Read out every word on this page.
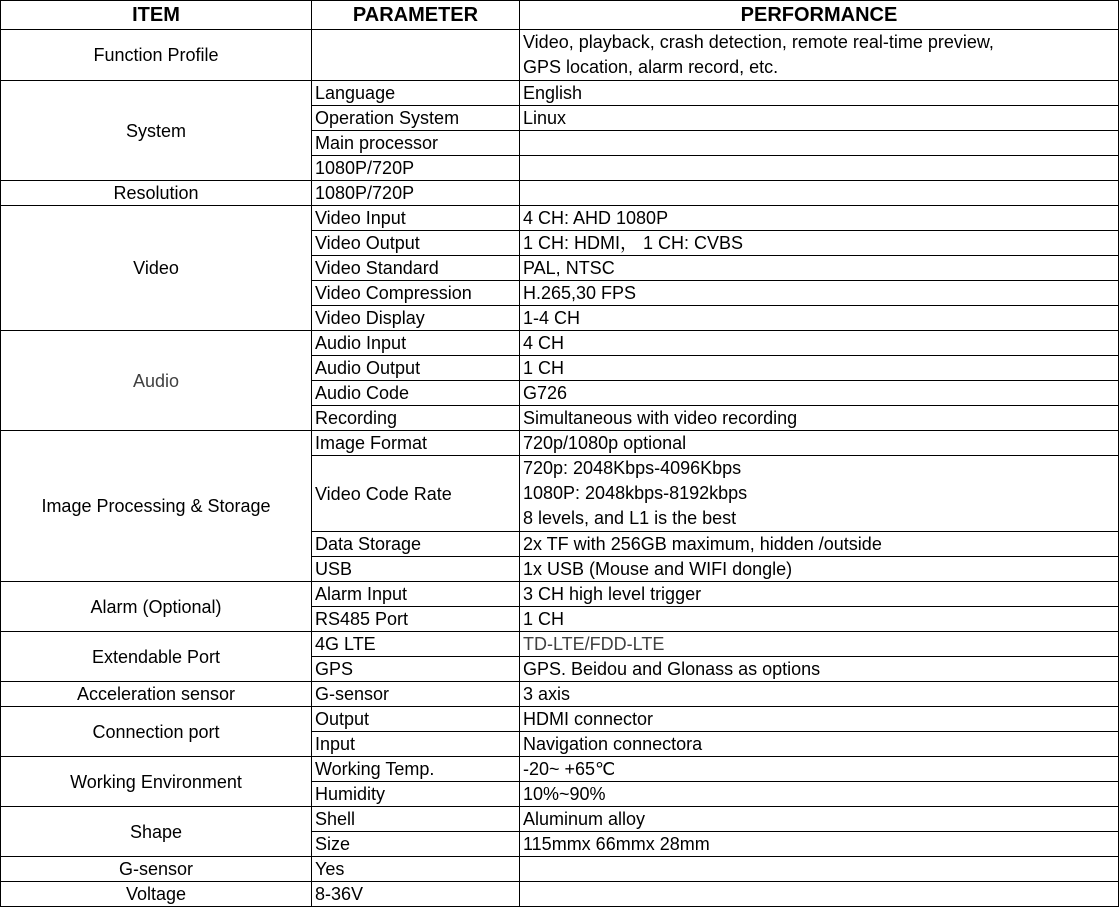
ITEM	PARAMETER	PERFORMANCE
Function Profile		Video, playback, crash detection, remote real-time preview,
GPS location, alarm record, etc.

System	Language	English
	Operation System	Linux
	Main processor	
	1080P/720P	
Resolution	1080P/720P	
Video	Video Input	4 CH: AHD 1080P
	Video Output	1 CH: HDMI， 1 CH: CVBS
	Video Standard	PAL, NTSC
	Video Compression	H.265,30 FPS
	Video Display	1-4 CH
Audio	Audio Input	4 CH
	Audio Output	1 CH
	Audio Code	G726
	Recording	Simultaneous with video recording
Image Processing & Storage	Image Format	720p/1080p optional
	Video Code Rate	720p: 2048Kbps-4096Kbps
1080P: 2048kbps-8192kbps
8 levels, and L1 is the best

	Data Storage	2x TF with 256GB maximum, hidden /outside
	USB	1x USB (Mouse and WIFI dongle)
Alarm (Optional)	Alarm Input	3 CH high level trigger
	RS485 Port	1 CH
Extendable Port	4G LTE	TD-LTE/FDD-LTE
	GPS	GPS. Beidou and Glonass as options
Acceleration sensor	G-sensor	3 axis
Connection port	Output	HDMI connector
	Input	Navigation connectora
Working Environment	Working Temp.	-20~ +65℃
	Humidity	10%~90%
Shape	Shell	Aluminum alloy
	Size	115mmx 66mmx 28mm
G-sensor	Yes	
Voltage	8-36V	
